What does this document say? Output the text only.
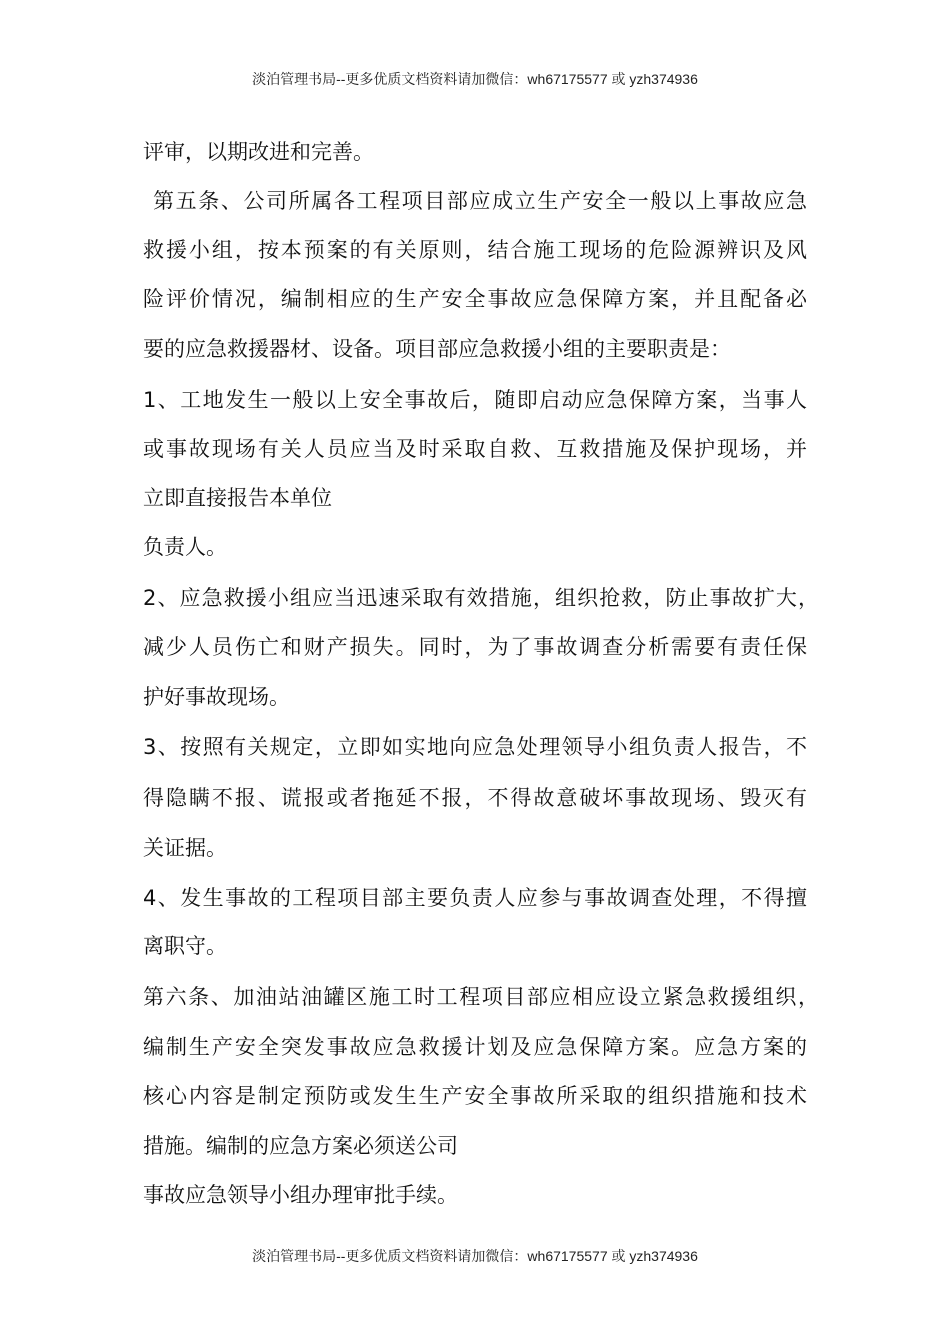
淡泊管理书局--更多优质文档资料请加微信：wh67175577 或 yzh374936
评审，以期改进和完善。
第五条、公司所属各工程项目部应成立生产安全一般以上事故应急
救援小组，按本预案的有关原则，结合施工现场的危险源辨识及风
险评价情况，编制相应的生产安全事故应急保障方案，并且配备必
要的应急救援器材、设备。项目部应急救援小组的主要职责是：
1、工地发生一般以上安全事故后，随即启动应急保障方案，当事人
或事故现场有关人员应当及时采取自救、互救措施及保护现场，并
立即直接报告本单位
负责人。
2、应急救援小组应当迅速采取有效措施，组织抢救，防止事故扩大，
减少人员伤亡和财产损失。同时，为了事故调查分析需要有责任保
护好事故现场。
3、按照有关规定，立即如实地向应急处理领导小组负责人报告，不
得隐瞒不报、谎报或者拖延不报，不得故意破坏事故现场、毁灭有
关证据。
4、发生事故的工程项目部主要负责人应参与事故调查处理，不得擅
离职守。
第六条、加油站油罐区施工时工程项目部应相应设立紧急救援组织，
编制生产安全突发事故应急救援计划及应急保障方案。应急方案的
核心内容是制定预防或发生生产安全事故所采取的组织措施和技术
措施。编制的应急方案必须送公司
事故应急领导小组办理审批手续。
淡泊管理书局--更多优质文档资料请加微信：wh67175577 或 yzh374936
